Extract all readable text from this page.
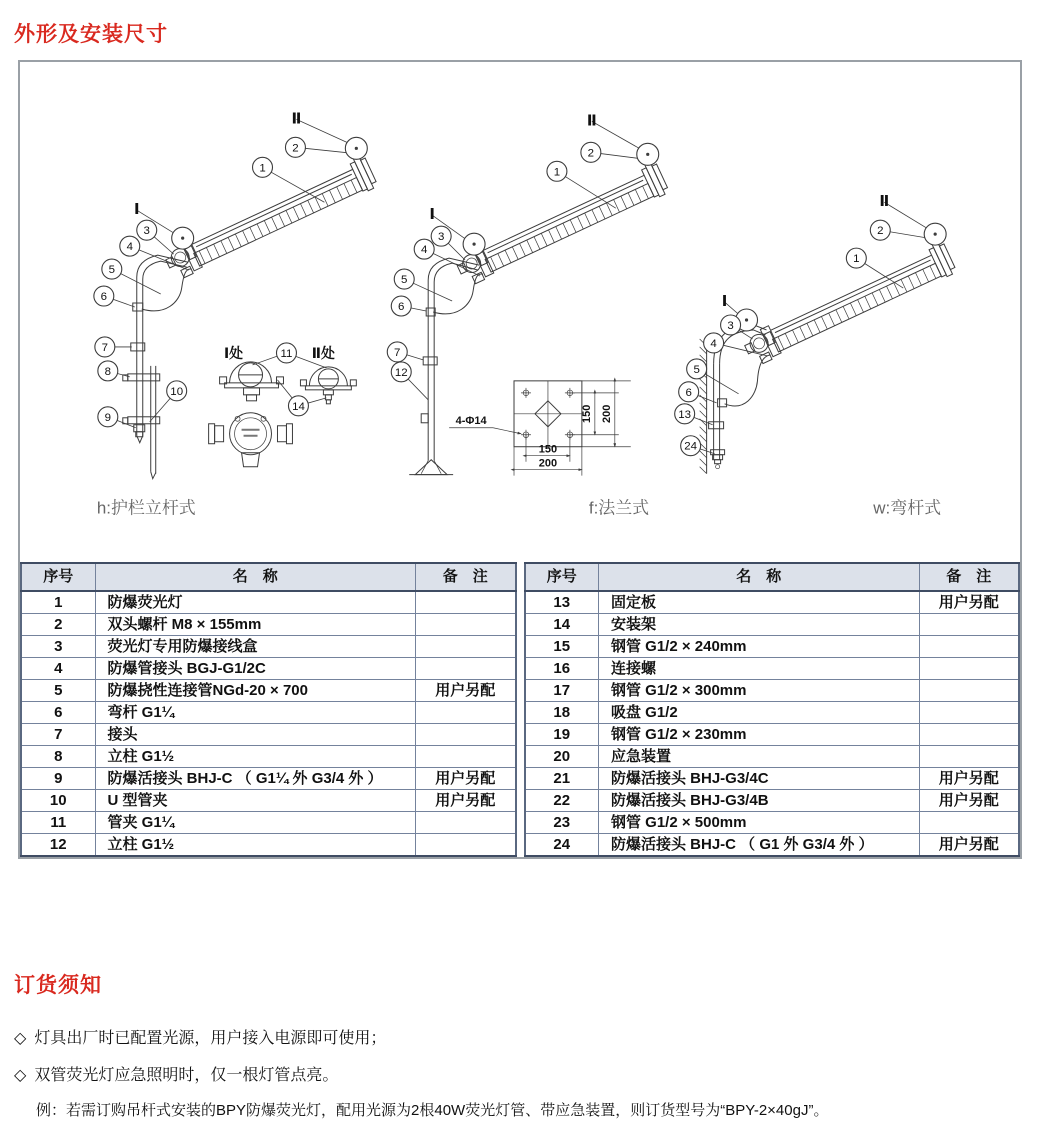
外形及安装尺寸
Ⅱ
Ⅰ
2
1
3
4
5
6
7
8
10
9
Ⅰ处	Ⅱ处
11
14
h:护栏立杆式
Ⅱ
Ⅰ
2
1
3
4
5
6
7
12
150 200
150
200
4-Φ14
f:法兰式
Ⅱ
Ⅰ
2
1
3
4
5
6
13
24
w:弯杆式
序号	名　称	备　注
1	防爆荧光灯	
2	双头螺杆 M8 × 155mm	
3	荧光灯专用防爆接线盒	
4	防爆管接头 BGJ-G1/2C	
5	防爆挠性连接管NGd-20 × 700	用户另配
6	弯杆 G1¼	
7	接头	
8	立柱 G1½	
9	防爆活接头 BHJ-C （ G1¼ 外 G3/4 外 ）	用户另配
10	U 型管夹	用户另配
11	管夹 G1¼	
12	立柱 G1½	
序号	名　称	备　注
13	固定板	用户另配
14	安装架	
15	钢管 G1/2 × 240mm	
16	连接螺	
17	钢管 G1/2 × 300mm	
18	吸盘 G1/2	
19	钢管 G1/2 × 230mm	
20	应急装置	
21	防爆活接头 BHJ-G3/4C	用户另配
22	防爆活接头 BHJ-G3/4B	用户另配
23	钢管 G1/2 × 500mm	
24	防爆活接头 BHJ-C （ G1 外 G3/4 外 ）	用户另配
订货须知
◇ 灯具出厂时已配置光源，用户接入电源即可使用；
◇ 双管荧光灯应急照明时，仅一根灯管点亮。
例：若需订购吊杆式安装的BPY防爆荧光灯，配用光源为2根40W荧光灯管、带应急装置，则订货型号为“BPY-2×40gJ”。
